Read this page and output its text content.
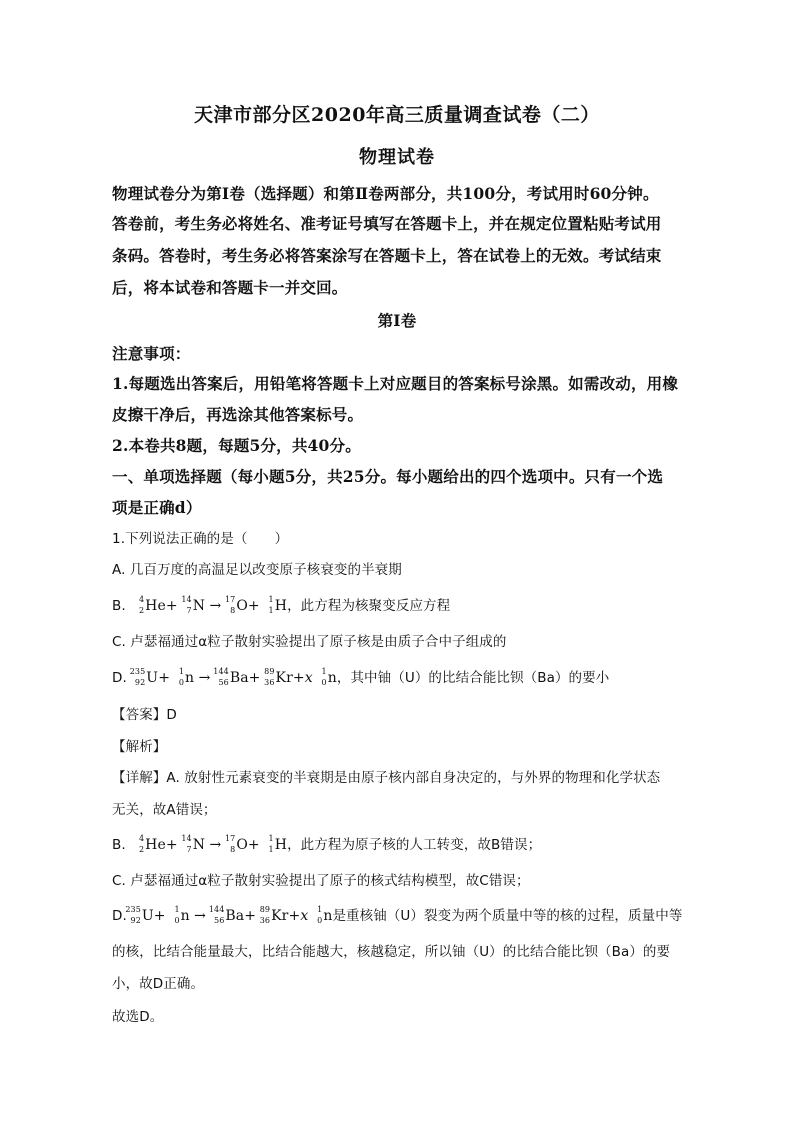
天津市部分区2020年高三质量调查试卷（二）
物理试卷
物理试卷分为第Ⅰ卷（选择题）和第Ⅱ卷两部分，共100分，考试用时60分钟。
答卷前，考生务必将姓名、准考证号填写在答题卡上，并在规定位置粘贴考试用
条码。答卷时，考生务必将答案涂写在答题卡上，答在试卷上的无效。考试结束
后，将本试卷和答题卡一并交回。
第Ⅰ卷
注意事项：
1.每题选出答案后，用铅笔将答题卡上对应题目的答案标号涂黑。如需改动，用橡
皮擦干净后，再选涂其他答案标号。
2.本卷共8题，每题5分，共40分。
一、单项选择题（每小题5分，共25分。每小题给出的四个选项中。只有一个选
项是正确d）
1.下列说法正确的是（　　）
A. 几百万度的高温足以改变原子核衰变的半衰期
B. 4
2 He+ 14
7 N → 17
8 O+ 1
1 H，此方程为核聚变反应方程
C. 卢瑟福通过α粒子散射实验提出了原子核是由质子合中子组成的
D. 235
92 U+ 1
0 n → 144
56 Ba+ 89
36 Kr+x 1
0 n，其中铀（U）的比结合能比钡（Ba）的要小
【答案】D
【解析】
【详解】A. 放射性元素衰变的半衰期是由原子核内部自身决定的，与外界的物理和化学状态
无关，故A错误；
B. 4
2 He+ 14
7 N → 17
8 O+ 1
1 H，此方程为原子核的人工转变，故B错误；
C. 卢瑟福通过α粒子散射实验提出了原子的核式结构模型，故C错误；
D.
235
92 U+ 1
0 n → 144
56 Ba+ 89
36 Kr+x 1
0 n是重核铀（U）裂变为两个质量中等的核的过程，质量中等
的核，比结合能量最大，比结合能越大，核越稳定，所以铀（U）的比结合能比钡（Ba）的要
小，故D正确。
故选D。
